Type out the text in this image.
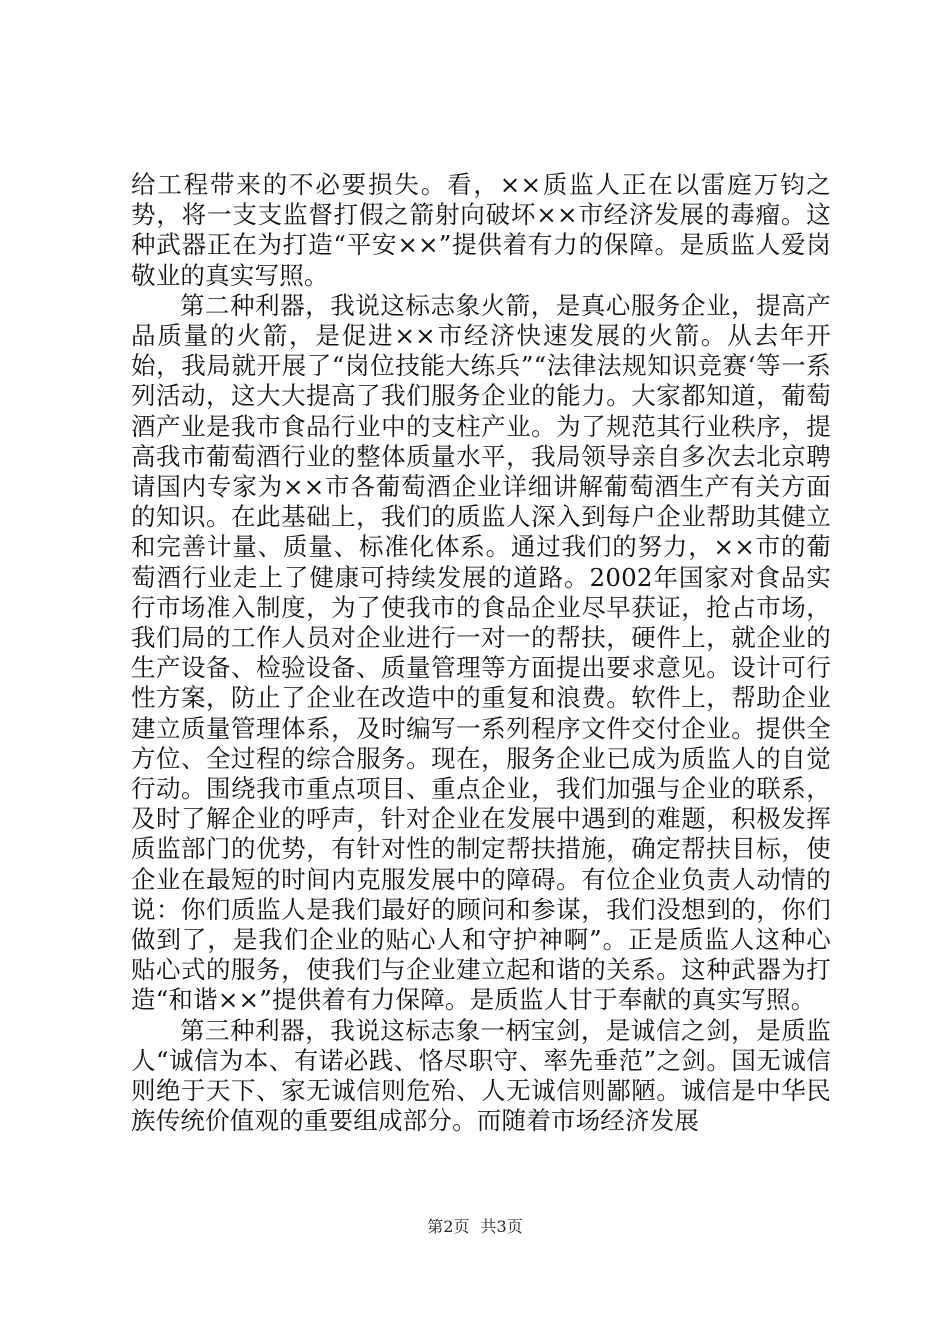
给工程带来的不必要损失。看，××质监人正在以雷庭万钧之势，将一支支监督打假之箭射向破坏××市经济发展的毒瘤。这种武器正在为打造“平安××”提供着有力的保障。是质监人爱岗敬业的真实写照。

第二种利器，我说这标志象火箭，是真心服务企业，提高产品质量的火箭，是促进××市经济快速发展的火箭。从去年开始，我局就开展了“岗位技能大练兵”“法律法规知识竞赛‘等一系列活动，这大大提高了我们服务企业的能力。大家都知道，葡萄酒产业是我市食品行业中的支柱产业。为了规范其行业秩序，提高我市葡萄酒行业的整体质量水平，我局领导亲自多次去北京聘请国内专家为××市各葡萄酒企业详细讲解葡萄酒生产有关方面的知识。在此基础上，我们的质监人深入到每户企业帮助其健立和完善计量、质量、标准化体系。通过我们的努力，××市的葡萄酒行业走上了健康可持续发展的道路。2002年国家对食品实行市场准入制度，为了使我市的食品企业尽早获证，抢占市场，我们局的工作人员对企业进行一对一的帮扶，硬件上，就企业的生产设备、检验设备、质量管理等方面提出要求意见。设计可行性方案，防止了企业在改造中的重复和浪费。软件上，帮助企业建立质量管理体系，及时编写一系列程序文件交付企业。提供全方位、全过程的综合服务。现在，服务企业已成为质监人的自觉行动。围绕我市重点项目、重点企业，我们加强与企业的联系，及时了解企业的呼声，针对企业在发展中遇到的难题，积极发挥质监部门的优势，有针对性的制定帮扶措施，确定帮扶目标，使企业在最短的时间内克服发展中的障碍。有位企业负责人动情的说：你们质监人是我们最好的顾问和参谋，我们没想到的，你们做到了，是我们企业的贴心人和守护神啊”。正是质监人这种心贴心式的服务，使我们与企业建立起和谐的关系。这种武器为打造“和谐××”提供着有力保障。是质监人甘于奉献的真实写照。

第三种利器，我说这标志象一柄宝剑，是诚信之剑，是质监人“诚信为本、有诺必践、恪尽职守、率先垂范”之剑。国无诚信则绝于天下、家无诚信则危殆、人无诚信则鄙陋。诚信是中华民族传统价值观的重要组成部分。而随着市场经济发展

第2页 共3页
